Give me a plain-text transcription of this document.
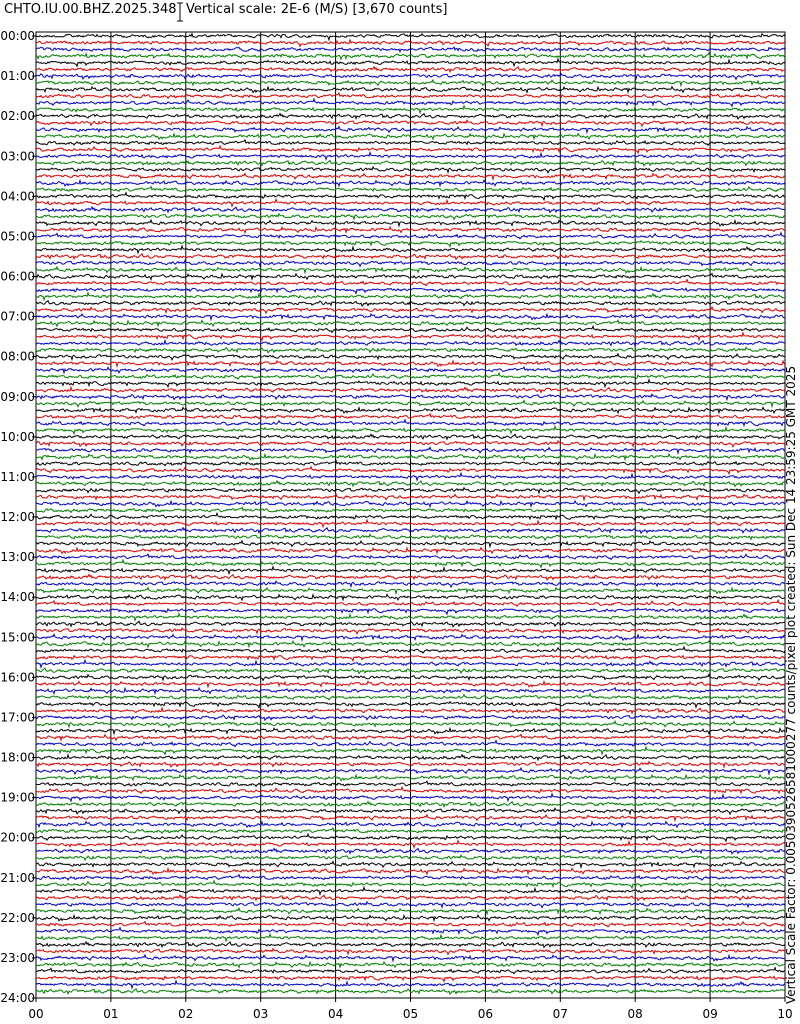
CHTO.IU.00.BHZ.2025.348 Vertical scale: 2E-6 (M/S) [3,670 counts]
00	01	02	03	04	05	06	07	08	09	10
00:00
01:00
02:00
03:00
04:00
05:00
06:00
07:00
08:00
09:00
10:00
11:00
12:00
13:00
14:00
15:00
16:00
17:00
18:00
19:00
20:00
21:00
22:00
23:00
24:00	Vertical Scale Factor: 0.0050390526581000277 counts/pixel plot created: Sun Dec 14 23:59:25 GMT 2025
